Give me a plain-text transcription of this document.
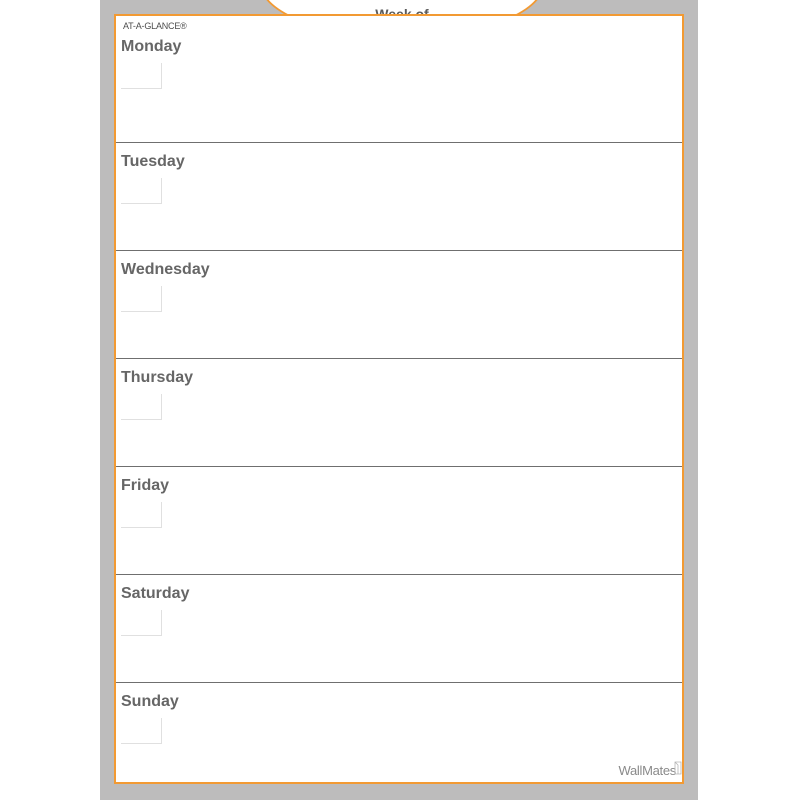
AT-A-GLANCE®
Monday
Tuesday
Wednesday
Thursday
Friday
Saturday
Sunday
WallMates
